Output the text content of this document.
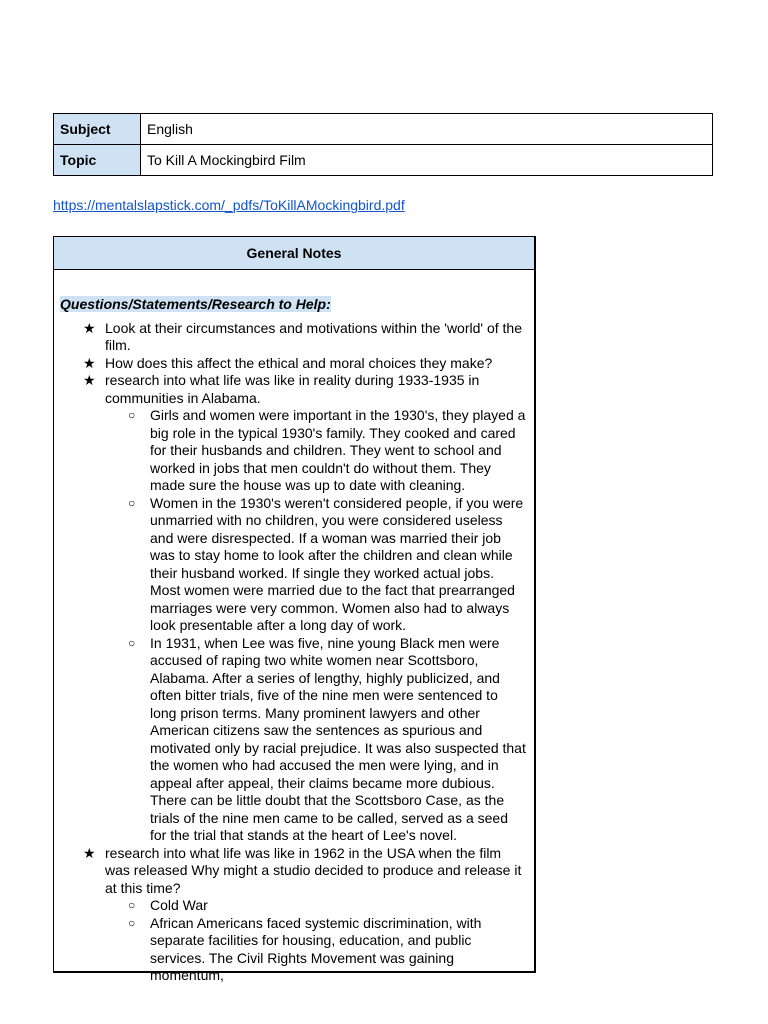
Subject	English
Topic	To Kill A Mockingbird Film
https://mentalslapstick.com/_pdfs/ToKillAMockingbird.pdf
General Notes
Questions/Statements/Research to Help:
★ Look at their circumstances and motivations within the 'world' of the film.
★ How does this affect the ethical and moral choices they make?
★ research into what life was like in reality during 1933-1935 in communities in Alabama.
○ Girls and women were important in the 1930's, they played a big role in the typical 1930's family. They cooked and cared for their husbands and children. They went to school and worked in jobs that men couldn't do without them. They made sure the house was up to date with cleaning.
○ Women in the 1930's weren't considered people, if you were unmarried with no children, you were considered useless and were disrespected. If a woman was married their job was to stay home to look after the children and clean while their husband worked. If single they worked actual jobs. Most women were married due to the fact that prearranged marriages were very common. Women also had to always look presentable after a long day of work.
○ In 1931, when Lee was five, nine young Black men were accused of raping two white women near Scottsboro, Alabama. After a series of lengthy, highly publicized, and often bitter trials, five of the nine men were sentenced to long prison terms. Many prominent lawyers and other American citizens saw the sentences as spurious and motivated only by racial prejudice. It was also suspected that the women who had accused the men were lying, and in appeal after appeal, their claims became more dubious. There can be little doubt that the Scottsboro Case, as the trials of the nine men came to be called, served as a seed for the trial that stands at the heart of Lee's novel.
★ research into what life was like in 1962 in the USA when the film was released Why might a studio decided to produce and release it at this time?
○ Cold War
○ African Americans faced systemic discrimination, with separate facilities for housing, education, and public services. The Civil Rights Movement was gaining momentum,
